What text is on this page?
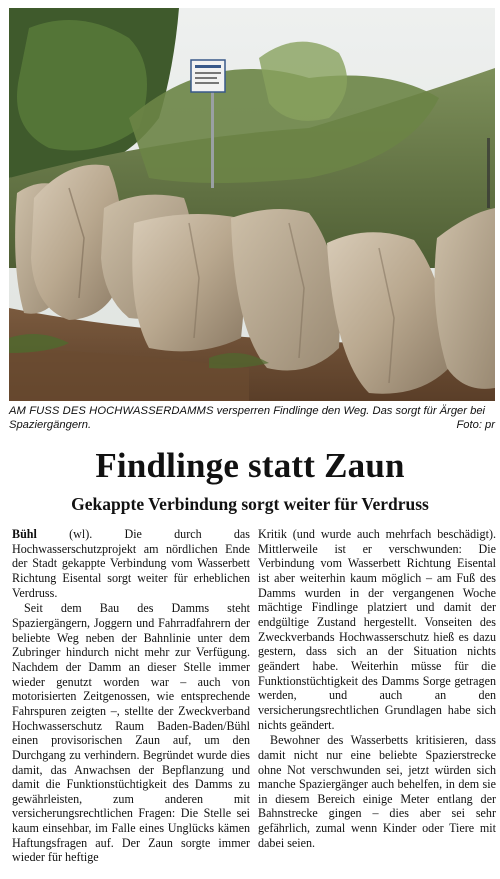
AM FUSS DES HOCHWASSERDAMMS versperren Findlinge den Weg. Das sorgt für Ärger bei Spaziergängern.	Foto: pr
Findlinge statt Zaun
Gekappte Verbindung sorgt weiter für Verdruss

Bühl (wl). Die durch das Hochwasserschutzprojekt am nördlichen Ende der Stadt gekappte Verbindung vom Wasserbett Richtung Eisental sorgt weiter für erheblichen Verdruss.

Seit dem Bau des Damms steht Spaziergängern, Joggern und Fahrradfahrern der beliebte Weg neben der Bahnlinie unter dem Zubringer hindurch nicht mehr zur Verfügung. Nachdem der Damm an dieser Stelle immer wieder genutzt worden war – auch von motorisierten Zeitgenossen, wie entsprechende Fahrspuren zeigten –, stellte der Zweckverband Hochwasserschutz Raum Baden-Baden/Bühl einen provisorischen Zaun auf, um den Durchgang zu verhindern. Begründet wurde dies damit, das Anwachsen der Bepflanzung und damit die Funktionstüchtigkeit des Damms zu gewährleisten, zum anderen mit versicherungsrechtlichen Fragen: Die Stelle sei kaum einsehbar, im Falle eines Unglücks kämen Haftungsfragen auf. Der Zaun sorgte immer wieder für heftige

Kritik (und wurde auch mehrfach beschädigt). Mittlerweile ist er verschwunden: Die Verbindung vom Wasserbett Richtung Eisental ist aber weiterhin kaum möglich – am Fuß des Damms wurden in der vergangenen Woche mächtige Findlinge platziert und damit der endgültige Zustand hergestellt. Vonseiten des Zweckverbands Hochwasserschutz hieß es dazu gestern, dass sich an der Situation nichts geändert habe. Weiterhin müsse für die Funktionstüchtigkeit des Damms Sorge getragen werden, und auch an den versicherungsrechtlichen Grundlagen habe sich nichts geändert.

Bewohner des Wasserbetts kritisieren, dass damit nicht nur eine beliebte Spazierstrecke ohne Not verschwunden sei, jetzt würden sich manche Spaziergänger auch behelfen, in dem sie in diesem Bereich einige Meter entlang der Bahnstrecke gingen – dies aber sei sehr gefährlich, zumal wenn Kinder oder Tiere mit dabei seien.
